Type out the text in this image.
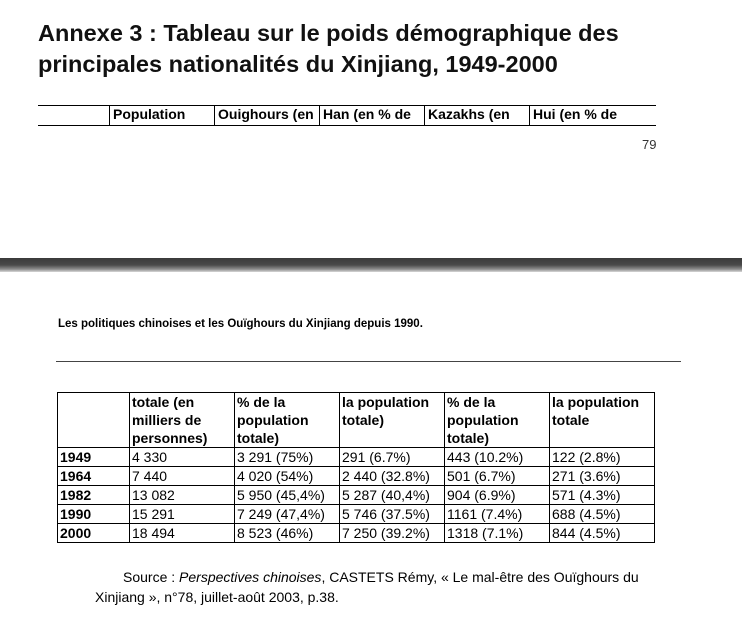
Annexe 3 : Tableau sur le poids démographique des
principales nationalités du Xinjiang, 1949-2000
	Population	Ouighours (en	Han (en % de	Kazakhs (en	Hui (en % de
79
Les politiques chinoises et les Ouïghours du Xinjiang depuis 1990.
	totale (en milliers de personnes)	% de la population totale)	la population totale)	% de la population totale)	la population totale
1949	4 330	3 291 (75%)	291 (6.7%)	443 (10.2%)	122 (2.8%)
1964	7 440	4 020 (54%)	2 440 (32.8%)	501 (6.7%)	271 (3.6%)
1982	13 082	5 950 (45,4%)	5 287 (40,4%)	904 (6.9%)	571 (4.3%)
1990	15 291	7 249 (47,4%)	5 746 (37.5%)	1161 (7.4%)	688 (4.5%)
2000	18 494	8 523 (46%)	7 250 (39.2%)	1318 (7.1%)	844 (4.5%)
Source : Perspectives chinoises, CASTETS Rémy, « Le mal-être des Ouïghours du
Xinjiang », n°78, juillet-août 2003, p.38.
